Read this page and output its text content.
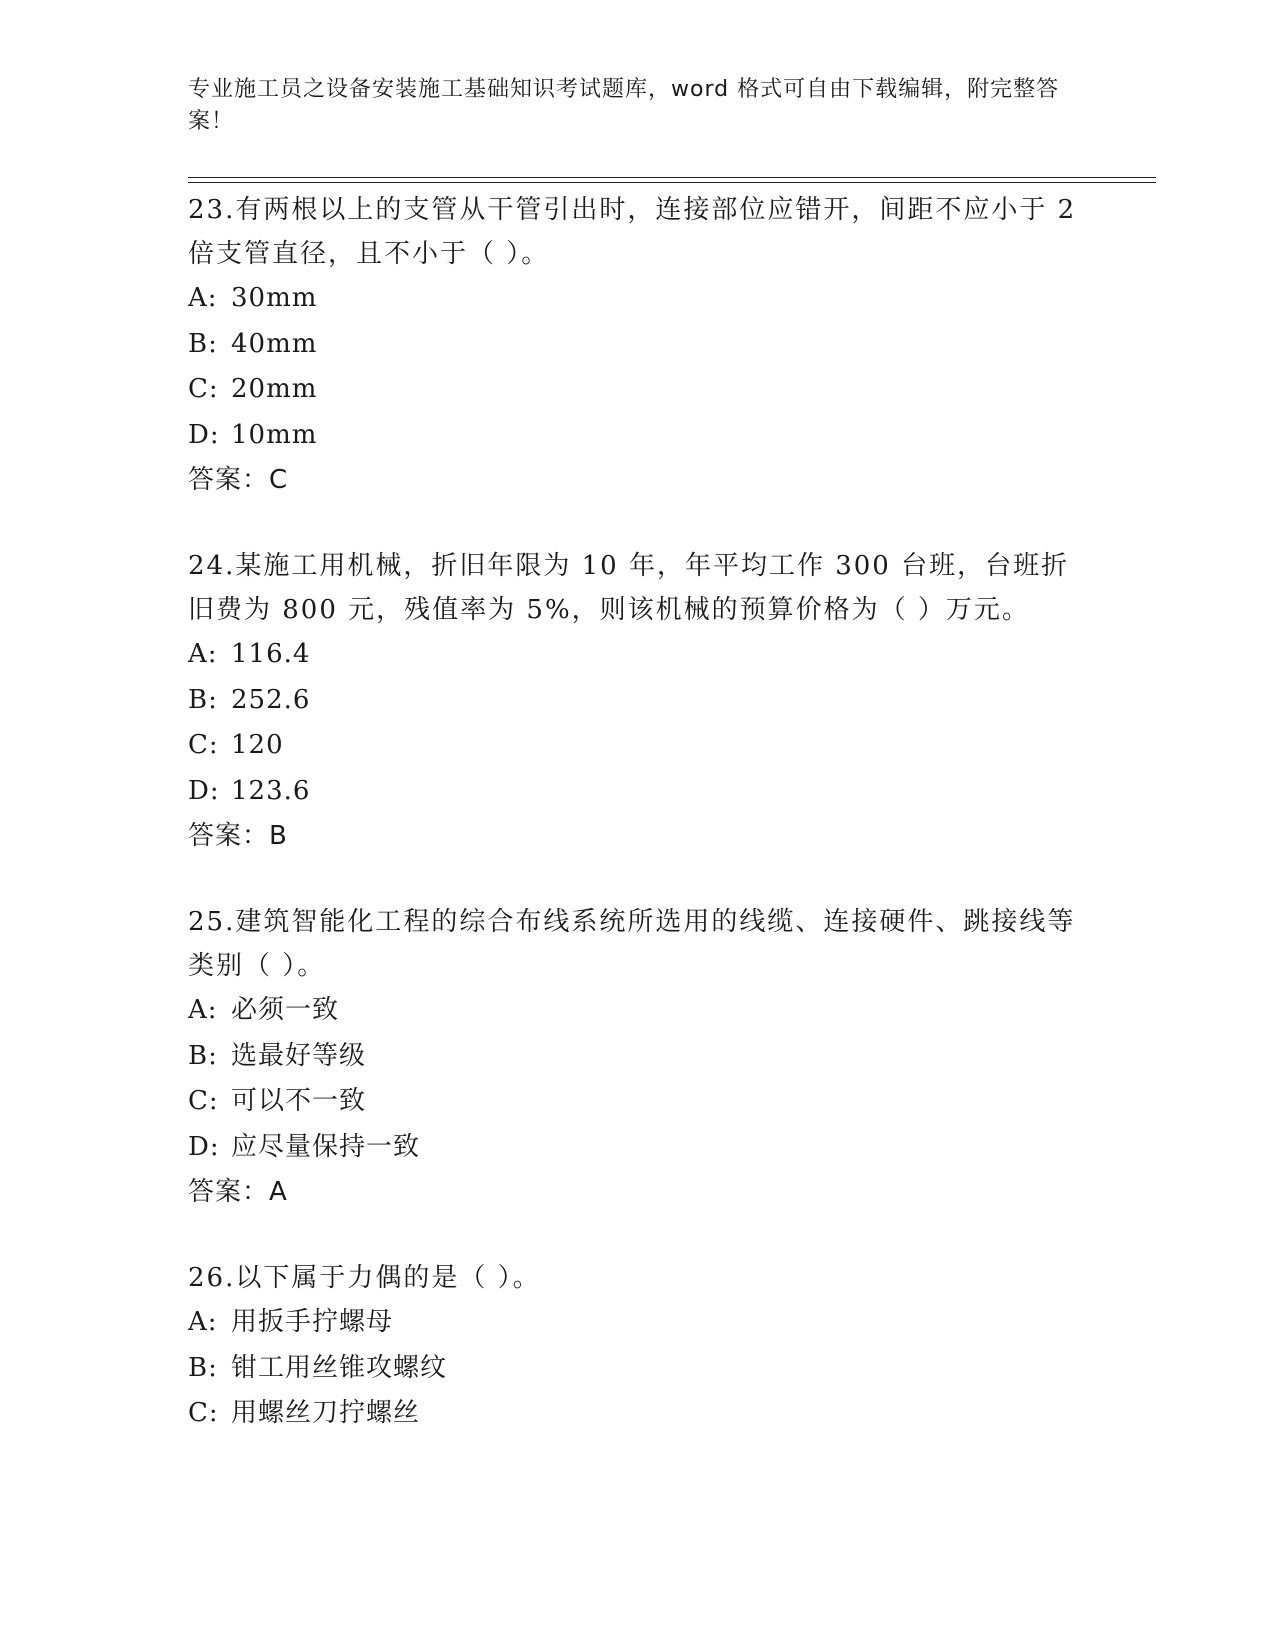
专业施工员之设备安装施工基础知识考试题库，word 格式可自由下载编辑，附完整答案！

23.有两根以上的支管从干管引出时，连接部位应错开，间距不应小于 2 倍支管直径，且不小于（ ）。

A: 30mm

B: 40mm

C: 20mm

D: 10mm

答案：C

24.某施工用机械，折旧年限为 10 年，年平均工作 300 台班，台班折旧费为 800 元，残值率为 5%，则该机械的预算价格为（ ）万元。

A: 116.4

B: 252.6

C: 120

D: 123.6

答案：B

25.建筑智能化工程的综合布线系统所选用的线缆、连接硬件、跳接线等类别（ ）。

A: 必须一致

B: 选最好等级

C: 可以不一致

D: 应尽量保持一致

答案：A

26.以下属于力偶的是（ ）。

A: 用扳手拧螺母

B: 钳工用丝锥攻螺纹

C: 用螺丝刀拧螺丝
